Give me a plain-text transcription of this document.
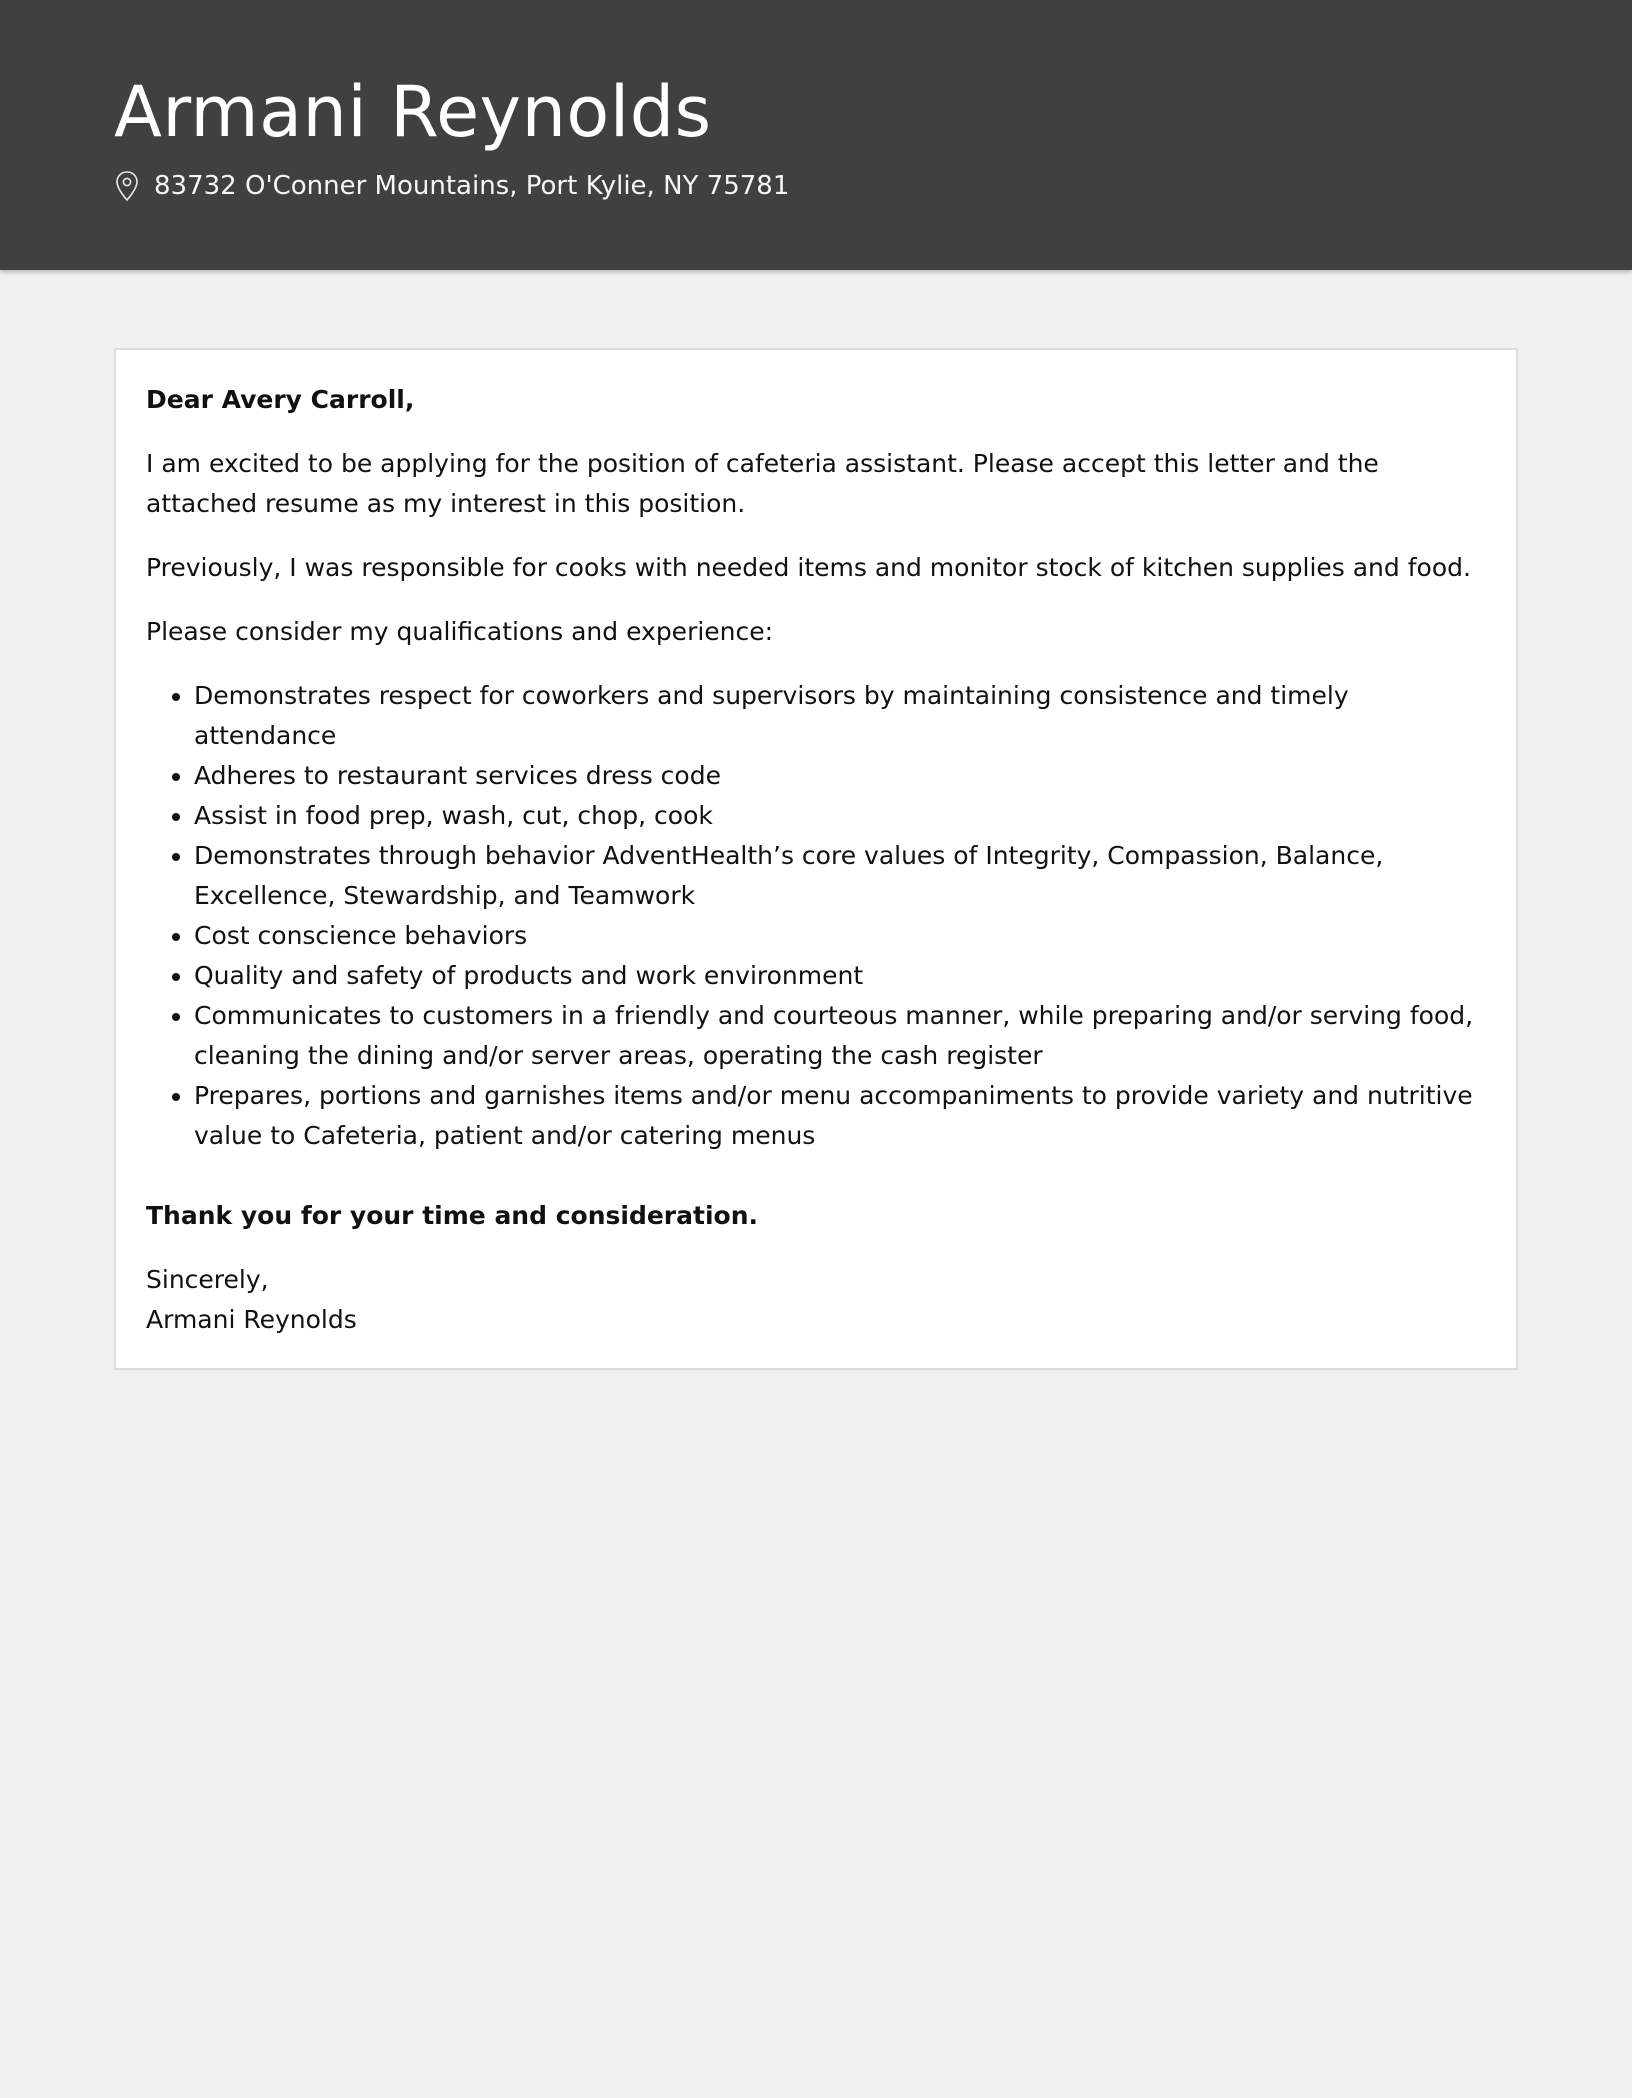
Armani Reynolds
83732 O'Conner Mountains, Port Kylie, NY 75781

Dear Avery Carroll,

I am excited to be applying for the position of cafeteria assistant. Please accept this letter and the attached resume as my interest in this position.

Previously, I was responsible for cooks with needed items and monitor stock of kitchen supplies and food.

Please consider my qualifications and experience:

• Demonstrates respect for coworkers and supervisors by maintaining consistence and timely attendance
• Adheres to restaurant services dress code
• Assist in food prep, wash, cut, chop, cook
• Demonstrates through behavior AdventHealth’s core values of Integrity, Compassion, Balance, Excellence, Stewardship, and Teamwork
• Cost conscience behaviors
• Quality and safety of products and work environment
• Communicates to customers in a friendly and courteous manner, while preparing and/or serving food, cleaning the dining and/or server areas, operating the cash register
• Prepares, portions and garnishes items and/or menu accompaniments to provide variety and nutritive value to Cafeteria, patient and/or catering menus

Thank you for your time and consideration.

Sincerely,
Armani Reynolds
